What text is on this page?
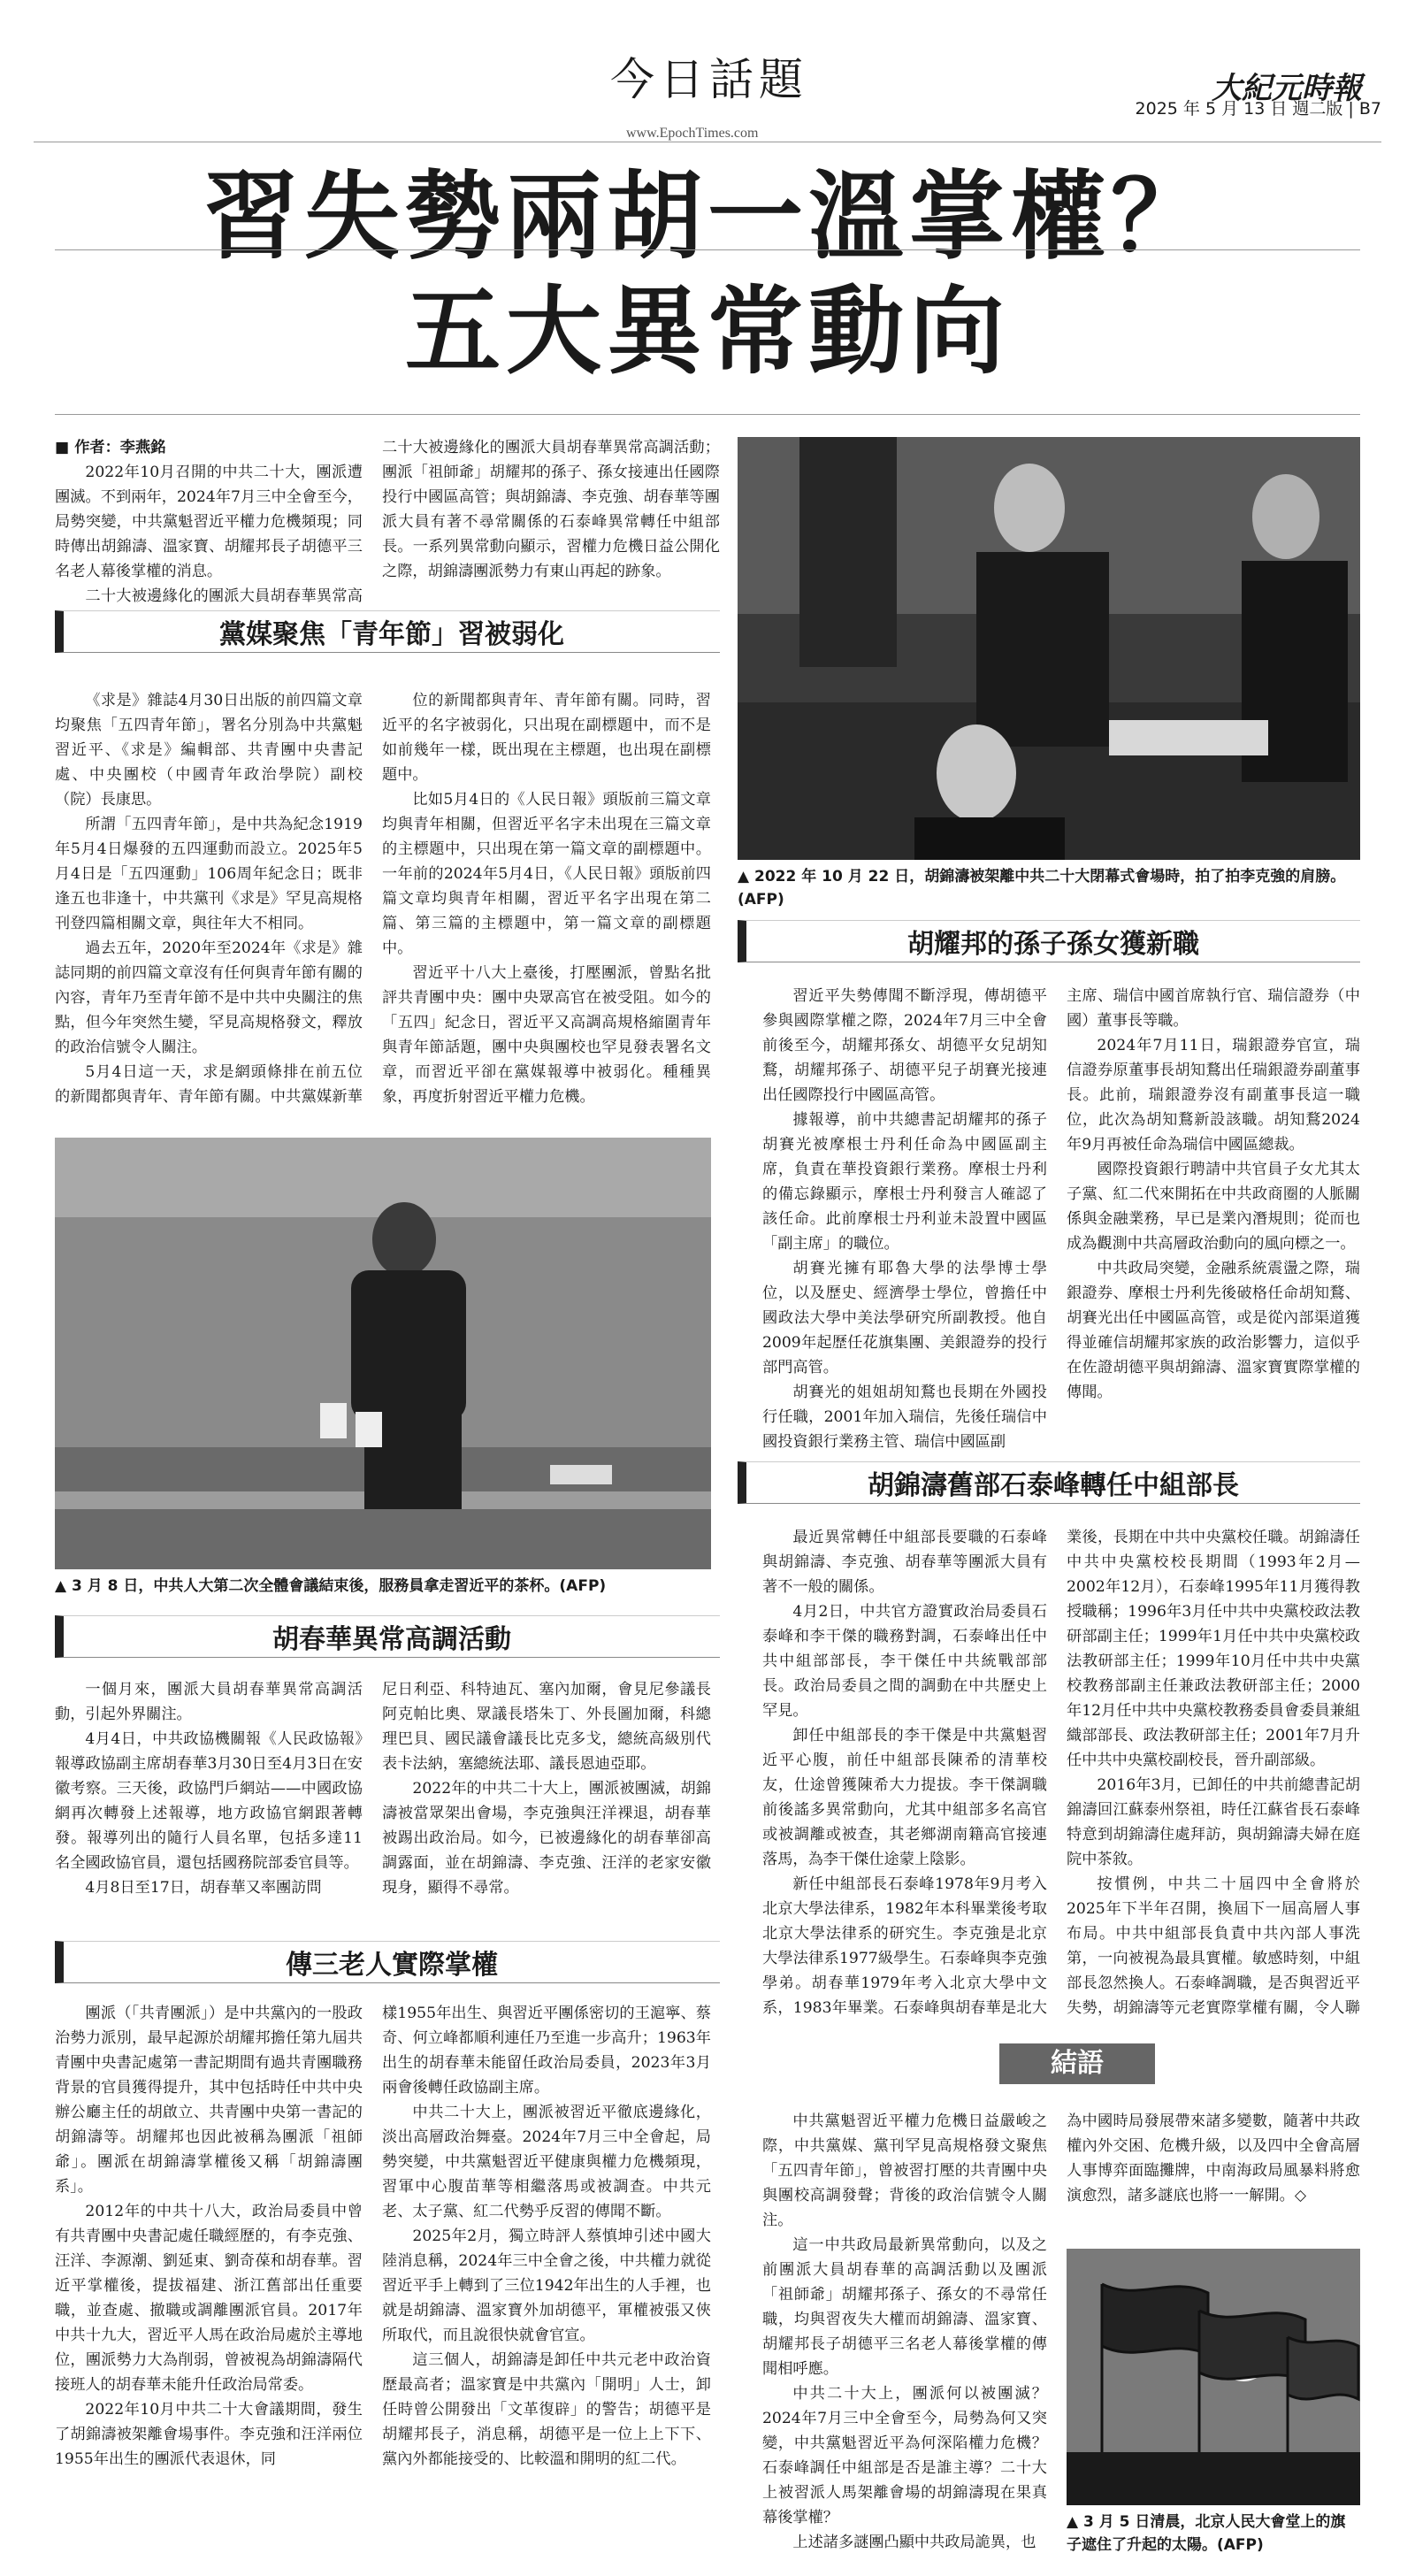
今日話題
www.EpochTimes.com
大紀元時報
2025 年 5 月 13 日 週二版 | B7
習失勢兩胡一溫掌權？
五大異常動向

■ 作者：李燕銘

2022年10月召開的中共二十大，團派遭團滅。不到兩年，2024年7月三中全會至今，局勢突變，中共黨魁習近平權力危機頻現；同時傳出胡錦濤、溫家寶、胡耀邦長子胡德平三名老人幕後掌權的消息。

二十大被邊緣化的團派大員胡春華異常高

二十大被邊緣化的團派大員胡春華異常高調活動；團派「祖師爺」胡耀邦的孫子、孫女接連出任國際投行中國區高管；與胡錦濤、李克強、胡春華等團派大員有著不尋常關係的石泰峰異常轉任中組部長。一系列異常動向顯示，習權力危機日益公開化之際，胡錦濤團派勢力有東山再起的跡象。

黨媒聚焦「青年節」習被弱化

《求是》雜誌4月30日出版的前四篇文章均聚焦「五四青年節」，署名分別為中共黨魁習近平、《求是》編輯部、共青團中央書記處、中央團校（中國青年政治學院）副校（院）長康思。

所謂「五四青年節」，是中共為紀念1919年5月4日爆發的五四運動而設立。2025年5月4日是「五四運動」106周年紀念日；既非逢五也非逢十，中共黨刊《求是》罕見高規格刊登四篇相關文章，與往年大不相同。

過去五年，2020年至2024年《求是》雜誌同期的前四篇文章沒有任何與青年節有關的內容，青年乃至青年節不是中共中央關注的焦點，但今年突然生變，罕見高規格發文，釋放的政治信號令人關注。

5月4日這一天，求是網頭條排在前五位的新聞都與青年、青年節有關。中共黨媒新華

位的新聞都與青年、青年節有關。同時，習近平的名字被弱化，只出現在副標題中，而不是如前幾年一樣，既出現在主標題，也出現在副標題中。

比如5月4日的《人民日報》頭版前三篇文章均與青年相關，但習近平名字未出現在三篇文章的主標題中，只出現在第一篇文章的副標題中。一年前的2024年5月4日，《人民日報》頭版前四篇文章均與青年相關，習近平名字出現在第二篇、第三篇的主標題中，第一篇文章的副標題中。

習近平十八大上臺後，打壓團派，曾點名批評共青團中央：團中央眾高官在被受阻。如今的「五四」紀念日，習近平又高調高規格縮圍青年與青年節話題，團中央與團校也罕見發表署名文章，而習近平卻在黨媒報導中被弱化。種種異象，再度折射習近平權力危機。

▲ 2022 年 10 月 22 日，胡錦濤被架離中共二十大閉幕式會場時，拍了拍李克強的肩膀。(AFP)
胡耀邦的孫子孫女獲新職

習近平失勢傳聞不斷浮現，傳胡德平參與國際掌權之際，2024年7月三中全會前後至今，胡耀邦孫女、胡德平女兒胡知鶩，胡耀邦孫子、胡德平兒子胡賽光接連出任國際投行中國區高管。

據報導，前中共總書記胡耀邦的孫子胡賽光被摩根士丹利任命為中國區副主席，負責在華投資銀行業務。摩根士丹利的備忘錄顯示，摩根士丹利發言人確認了該任命。此前摩根士丹利並未設置中國區「副主席」的職位。

胡賽光擁有耶魯大學的法學博士學位，以及歷史、經濟學士學位，曾擔任中國政法大學中美法學研究所副教授。他自2009年起歷任花旗集團、美銀證券的投行部門高管。

胡賽光的姐姐胡知鶩也長期在外國投行任職，2001年加入瑞信，先後任瑞信中國投資銀行業務主管、瑞信中國區副

主席、瑞信中國首席執行官、瑞信證券（中國）董事長等職。

2024年7月11日，瑞銀證券官宣，瑞信證券原董事長胡知鶩出任瑞銀證券副董事長。此前，瑞銀證券沒有副董事長這一職位，此次為胡知鶩新設該職。胡知鶩2024年9月再被任命為瑞信中國區總裁。

國際投資銀行聘請中共官員子女尤其太子黨、紅二代來開拓在中共政商圈的人脈關係與金融業務，早已是業內潛規則；從而也成為觀測中共高層政治動向的風向標之一。

中共政局突變，金融系統震盪之際，瑞銀證券、摩根士丹利先後破格任命胡知鶩、胡賽光出任中國區高管，或是從內部渠道獲得並確信胡耀邦家族的政治影響力，這似乎在佐證胡德平與胡錦濤、溫家寶實際掌權的傳聞。

▲ 3 月 8 日，中共人大第二次全體會議結束後，服務員拿走習近平的茶杯。(AFP)
胡春華異常高調活動

一個月來，團派大員胡春華異常高調活動，引起外界關注。

4月4日，中共政協機關報《人民政協報》報導政協副主席胡春華3月30日至4月3日在安徽考察。三天後，政協門戶網站——中國政協網再次轉發上述報導，地方政協官網跟著轉發。報導列出的隨行人員名單，包括多達11名全國政協官員，還包括國務院部委官員等。

4月8日至17日，胡春華又率團訪問

尼日利亞、科特迪瓦、塞內加爾，會見尼參議長阿克帕比奧、眾議長塔朱丁、外長圖加爾，科總理巴貝、國民議會議長比克多戈，總統高級別代表卡法納，塞總統法耶、議長恩迪亞耶。

2022年的中共二十大上，團派被團滅，胡錦濤被當眾架出會場，李克強與汪洋裸退，胡春華被踢出政治局。如今，已被邊緣化的胡春華卻高調露面，並在胡錦濤、李克強、汪洋的老家安徽現身，顯得不尋常。

傳三老人實際掌權

團派（「共青團派」）是中共黨內的一股政治勢力派別，最早起源於胡耀邦擔任第九屆共青團中央書記處第一書記期間有過共青團職務背景的官員獲得提升，其中包括時任中共中央辦公廳主任的胡啟立、共青團中央第一書記的胡錦濤等。胡耀邦也因此被稱為團派「祖師爺」。團派在胡錦濤掌權後又稱「胡錦濤團系」。

2012年的中共十八大，政治局委員中曾有共青團中央書記處任職經歷的，有李克強、汪洋、李源潮、劉延東、劉奇葆和胡春華。習近平掌權後，提拔福建、浙江舊部出任重要職，並查處、撤職或調離團派官員。2017年中共十九大，習近平人馬在政治局處於主導地位，團派勢力大為削弱，曾被視為胡錦濤隔代接班人的胡春華未能升任政治局常委。

2022年10月中共二十大會議期間，發生了胡錦濤被架離會場事件。李克強和汪洋兩位1955年出生的團派代表退休，同

樣1955年出生、與習近平團係密切的王滬寧、蔡奇、何立峰都順利連任乃至進一步高升；1963年出生的胡春華未能留任政治局委員，2023年3月兩會後轉任政協副主席。

中共二十大上，團派被習近平徹底邊緣化，淡出高層政治舞臺。2024年7月三中全會起，局勢突變，中共黨魁習近平健康與權力危機頻現，習軍中心腹苗華等相繼落馬或被調查。中共元老、太子黨、紅二代勢乎反習的傳聞不斷。

2025年2月，獨立時評人蔡慎坤引述中國大陸消息稱，2024年三中全會之後，中共權力就從習近平手上轉到了三位1942年出生的人手裡，也就是胡錦濤、溫家寶外加胡德平，軍權被張又俠所取代，而且說很快就會官宣。

這三個人，胡錦濤是卸任中共元老中政治資歷最高者；溫家寶是中共黨內「開明」人士，卸任時曾公開發出「文革復辟」的警告；胡德平是胡耀邦長子，消息稱，胡德平是一位上上下下、黨內外都能接受的、比較溫和開明的紅二代。

胡錦濤舊部石泰峰轉任中組部長

最近異常轉任中組部長要職的石泰峰與胡錦濤、李克強、胡春華等團派大員有著不一般的關係。

4月2日，中共官方證實政治局委員石泰峰和李干傑的職務對調，石泰峰出任中共中組部部長，李干傑任中共統戰部部長。政治局委員之間的調動在中共歷史上罕見。

卸任中組部長的李干傑是中共黨魁習近平心腹，前任中組部長陳希的清華校友，仕途曾獲陳希大力提拔。李干傑調職前後謠多異常動向，尤其中組部多名高官或被調離或被查，其老鄉湖南籍高官接連落馬，為李干傑仕途蒙上陰影。

新任中組部長石泰峰1978年9月考入北京大學法律系，1982年本科畢業後考取北京大學法律系的研究生。李克強是北京大學法律系1977級學生。石泰峰與李克強學弟。胡春華1979年考入北京大學中文系，1983年畢業。石泰峰與胡春華是北大

業後，長期在中共中央黨校任職。胡錦濤任中共中央黨校校長期間（1993年2月—2002年12月），石泰峰1995年11月獲得教授職稱；1996年3月任中共中央黨校政法教研部副主任；1999年1月任中共中央黨校政法教研部主任；1999年10月任中共中央黨校教務部副主任兼政法教研部主任；2000年12月任中共中央黨校教務委員會委員兼組織部部長、政法教研部主任；2001年7月升任中共中央黨校副校長，晉升副部級。

2016年3月，已卸任的中共前總書記胡錦濤回江蘇泰州祭祖，時任江蘇省長石泰峰特意到胡錦濤住處拜訪，與胡錦濤夫婦在庭院中茶敘。

按慣例，中共二十屆四中全會將於2025年下半年召開，換屆下一屆高層人事布局。中共中組部長負責中共內部人事洗第，一向被視為最具實權。敏感時刻，中組部長忽然換人。石泰峰調職，是否與習近平失勢，胡錦濤等元老實際掌權有關，令人聯

結語

中共黨魁習近平權力危機日益嚴峻之際，中共黨媒、黨刊罕見高規格發文聚焦「五四青年節」，曾被習打壓的共青團中央與團校高調發聲；背後的政治信號令人關注。

這一中共政局最新異常動向，以及之前團派大員胡春華的高調活動以及團派「祖師爺」胡耀邦孫子、孫女的不尋常任職，均與習夜失大權而胡錦濤、溫家寶、胡耀邦長子胡德平三名老人幕後掌權的傳聞相呼應。

中共二十大上，團派何以被團滅？2024年7月三中全會至今，局勢為何又突變，中共黨魁習近平為何深陷權力危機？石泰峰調任中組部是否是誰主導？二十大上被習派人馬架離會場的胡錦濤現在果真幕後掌權？

上述諸多謎團凸顯中共政局詭異，也

為中國時局發展帶來諸多變數，隨著中共政權內外交困、危機升級，以及四中全會高層人事博弈面臨攤牌，中南海政局風暴料將愈演愈烈，諸多謎底也將一一解開。◇

▲ 3 月 5 日清晨，北京人民大會堂上的旗子遮住了升起的太陽。(AFP)
